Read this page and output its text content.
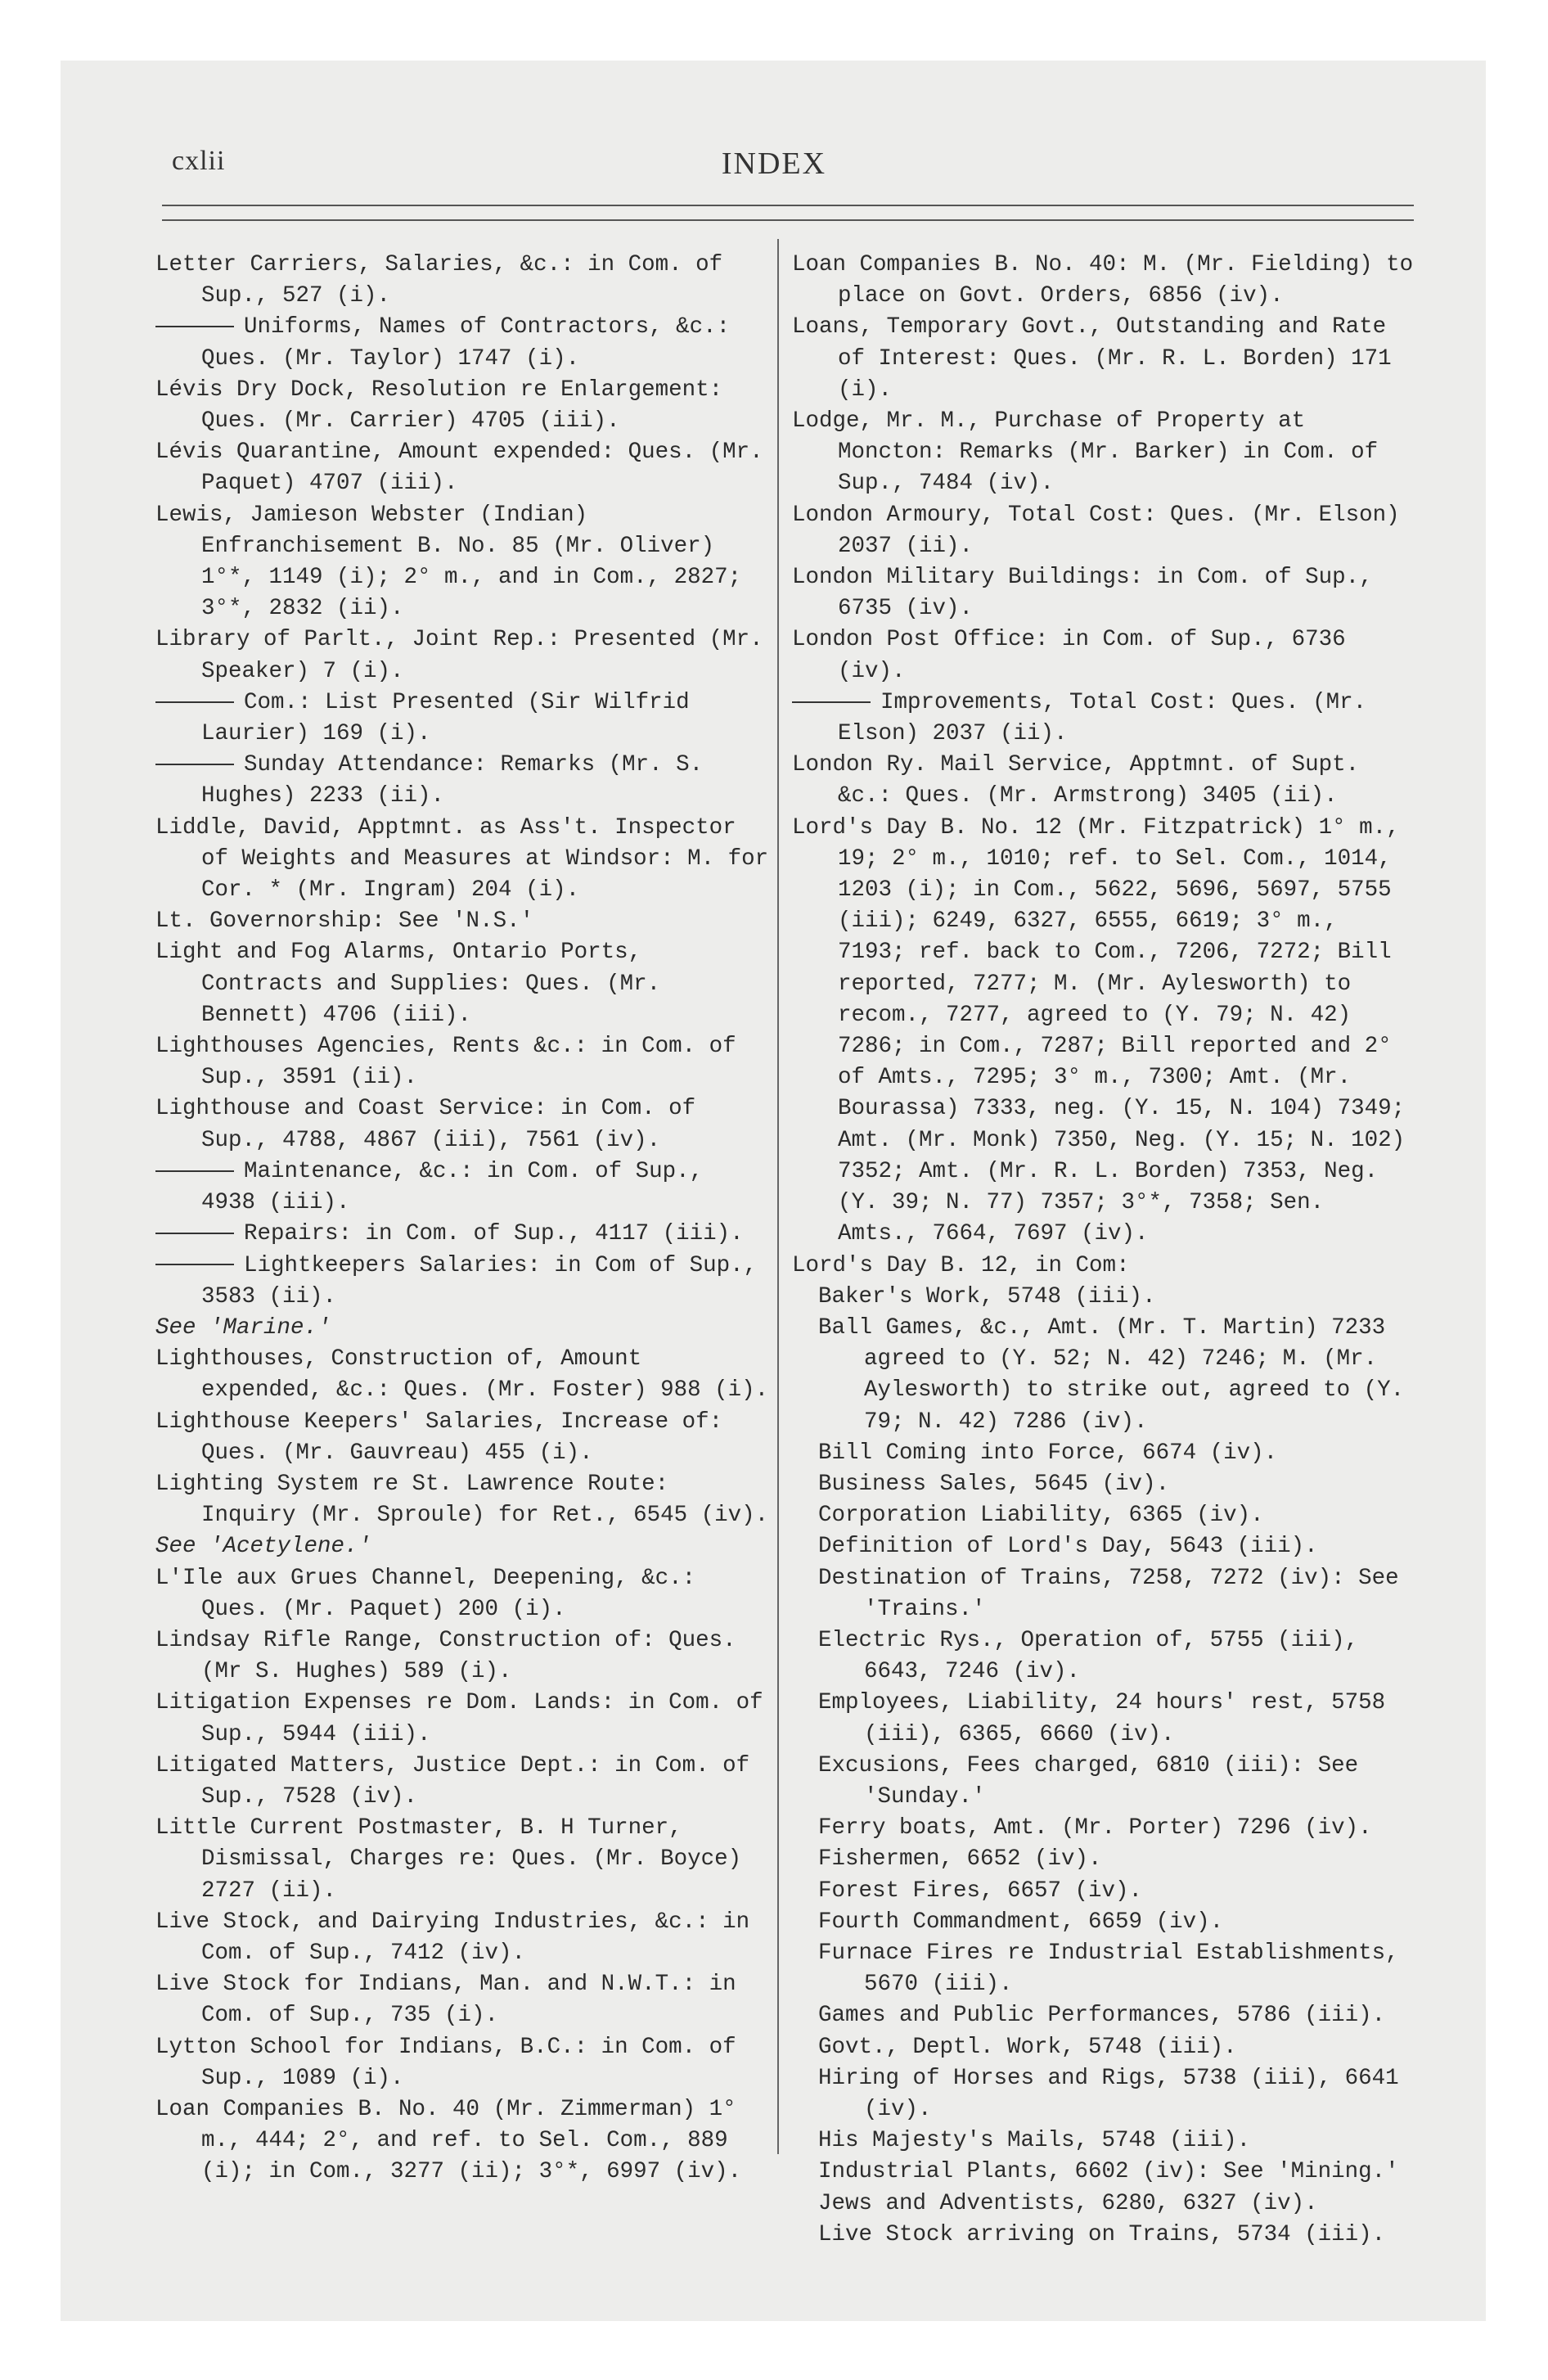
cxlii	INDEX
Letter Carriers, Salaries, &c.: in Com. of Sup., 527 (i).
Uniforms, Names of Contractors, &c.: Ques. (Mr. Taylor) 1747 (i).
Lévis Dry Dock, Resolution re Enlargement: Ques. (Mr. Carrier) 4705 (iii).
Lévis Quarantine, Amount expended: Ques. (Mr. Paquet) 4707 (iii).
Lewis, Jamieson Webster (Indian) Enfranchisement B. No. 85 (Mr. Oliver) 1°*, 1149 (i); 2° m., and in Com., 2827; 3°*, 2832 (ii).
Library of Parlt., Joint Rep.: Presented (Mr. Speaker) 7 (i).
Com.: List Presented (Sir Wilfrid Laurier) 169 (i).
Sunday Attendance: Remarks (Mr. S. Hughes) 2233 (ii).
Liddle, David, Apptmnt. as Ass't. Inspector of Weights and Measures at Windsor: M. for Cor. * (Mr. Ingram) 204 (i).
Lt. Governorship: See 'N.S.'
Light and Fog Alarms, Ontario Ports, Contracts and Supplies: Ques. (Mr. Bennett) 4706 (iii).
Lighthouses Agencies, Rents &c.: in Com. of Sup., 3591 (ii).
Lighthouse and Coast Service: in Com. of Sup., 4788, 4867 (iii), 7561 (iv).
Maintenance, &c.: in Com. of Sup., 4938 (iii).
Repairs: in Com. of Sup., 4117 (iii).
Lightkeepers Salaries: in Com of Sup., 3583 (ii).
See 'Marine.'
Lighthouses, Construction of, Amount expended, &c.: Ques. (Mr. Foster) 988 (i).
Lighthouse Keepers' Salaries, Increase of: Ques. (Mr. Gauvreau) 455 (i).
Lighting System re St. Lawrence Route: Inquiry (Mr. Sproule) for Ret., 6545 (iv).
See 'Acetylene.'
L'Ile aux Grues Channel, Deepening, &c.: Ques. (Mr. Paquet) 200 (i).
Lindsay Rifle Range, Construction of: Ques. (Mr S. Hughes) 589 (i).
Litigation Expenses re Dom. Lands: in Com. of Sup., 5944 (iii).
Litigated Matters, Justice Dept.: in Com. of Sup., 7528 (iv).
Little Current Postmaster, B. H Turner, Dismissal, Charges re: Ques. (Mr. Boyce) 2727 (ii).
Live Stock, and Dairying Industries, &c.: in Com. of Sup., 7412 (iv).
Live Stock for Indians, Man. and N.W.T.: in Com. of Sup., 735 (i).
Lytton School for Indians, B.C.: in Com. of Sup., 1089 (i).
Loan Companies B. No. 40 (Mr. Zimmerman) 1° m., 444; 2°, and ref. to Sel. Com., 889 (i); in Com., 3277 (ii); 3°*, 6997 (iv).
Loan Companies B. No. 40: M. (Mr. Fielding) to place on Govt. Orders, 6856 (iv).
Loans, Temporary Govt., Outstanding and Rate of Interest: Ques. (Mr. R. L. Borden) 171 (i).
Lodge, Mr. M., Purchase of Property at Moncton: Remarks (Mr. Barker) in Com. of Sup., 7484 (iv).
London Armoury, Total Cost: Ques. (Mr. Elson) 2037 (ii).
London Military Buildings: in Com. of Sup., 6735 (iv).
London Post Office: in Com. of Sup., 6736 (iv).
Improvements, Total Cost: Ques. (Mr. Elson) 2037 (ii).
London Ry. Mail Service, Apptmnt. of Supt. &c.: Ques. (Mr. Armstrong) 3405 (ii).
Lord's Day B. No. 12 (Mr. Fitzpatrick) 1° m., 19; 2° m., 1010; ref. to Sel. Com., 1014, 1203 (i); in Com., 5622, 5696, 5697, 5755 (iii); 6249, 6327, 6555, 6619; 3° m., 7193; ref. back to Com., 7206, 7272; Bill reported, 7277; M. (Mr. Aylesworth) to recom., 7277, agreed to (Y. 79; N. 42) 7286; in Com., 7287; Bill reported and 2° of Amts., 7295; 3° m., 7300; Amt. (Mr. Bourassa) 7333, neg. (Y. 15, N. 104) 7349; Amt. (Mr. Monk) 7350, Neg. (Y. 15; N. 102) 7352; Amt. (Mr. R. L. Borden) 7353, Neg. (Y. 39; N. 77) 7357; 3°*, 7358; Sen. Amts., 7664, 7697 (iv).
Lord's Day B. 12, in Com:
Baker's Work, 5748 (iii).
Ball Games, &c., Amt. (Mr. T. Martin) 7233 agreed to (Y. 52; N. 42) 7246; M. (Mr. Aylesworth) to strike out, agreed to (Y. 79; N. 42) 7286 (iv).
Bill Coming into Force, 6674 (iv).
Business Sales, 5645 (iv).
Corporation Liability, 6365 (iv).
Definition of Lord's Day, 5643 (iii).
Destination of Trains, 7258, 7272 (iv): See 'Trains.'
Electric Rys., Operation of, 5755 (iii), 6643, 7246 (iv).
Employees, Liability, 24 hours' rest, 5758 (iii), 6365, 6660 (iv).
Excusions, Fees charged, 6810 (iii): See 'Sunday.'
Ferry boats, Amt. (Mr. Porter) 7296 (iv).
Fishermen, 6652 (iv).
Forest Fires, 6657 (iv).
Fourth Commandment, 6659 (iv).
Furnace Fires re Industrial Establishments, 5670 (iii).
Games and Public Performances, 5786 (iii).
Govt., Deptl. Work, 5748 (iii).
Hiring of Horses and Rigs, 5738 (iii), 6641 (iv).
His Majesty's Mails, 5748 (iii).
Industrial Plants, 6602 (iv): See 'Mining.'
Jews and Adventists, 6280, 6327 (iv).
Live Stock arriving on Trains, 5734 (iii).
